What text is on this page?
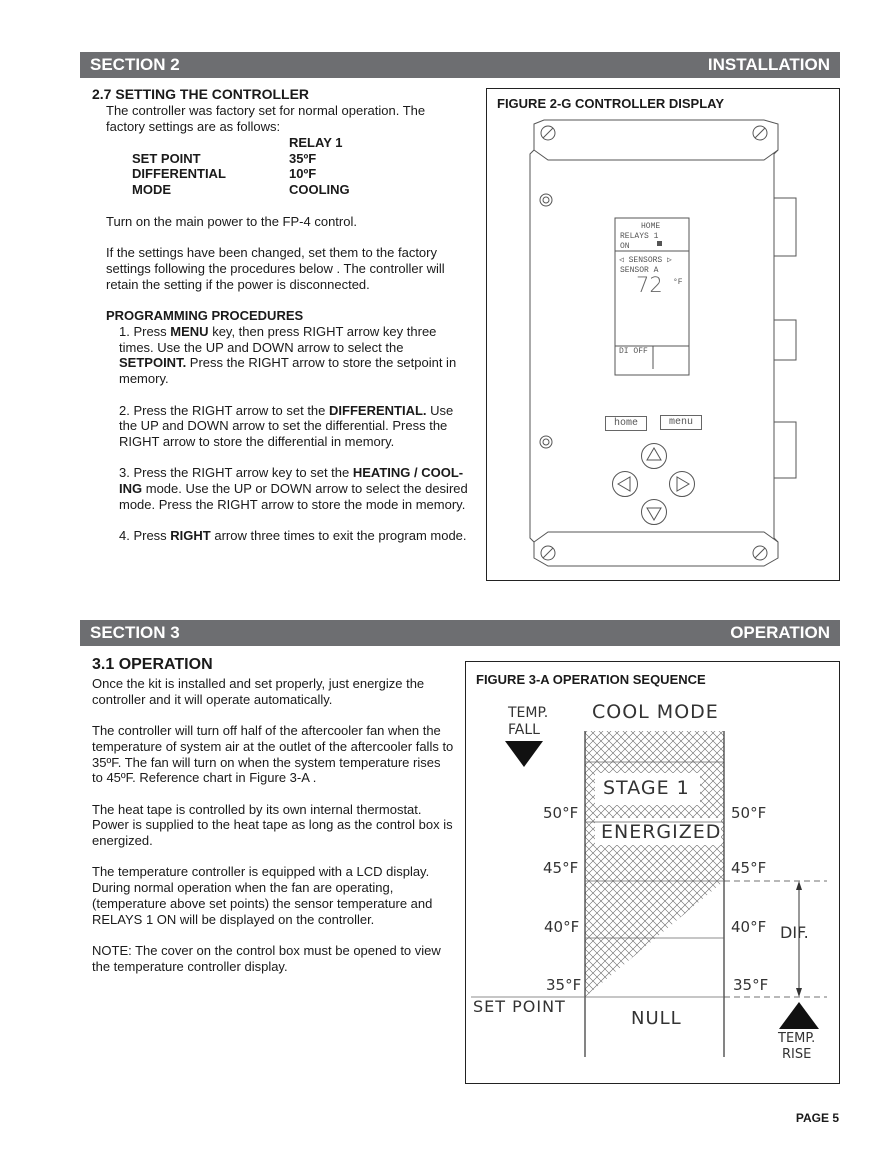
SECTION 2	INSTALLATION
2.7 SETTING THE CONTROLLER
The controller was factory set for normal operation. The factory settings are as follows:
RELAY 1
SET POINT	35ºF
DIFFERENTIAL	10ºF
MODE	COOLING

Turn on the main power to the FP-4 control.

If the settings have been changed, set them to the factory settings following the procedures below . The controller will retain the setting if the power is disconnected.

PROGRAMMING PROCEDURES

1. Press MENU key, then press RIGHT arrow key three times. Use the UP and DOWN arrow to select the SETPOINT. Press the RIGHT arrow to store the setpoint in memory.

2. Press the RIGHT arrow to set the DIFFERENTIAL. Use the UP and DOWN arrow to set the differential. Press the RIGHT arrow to store the differential in memory.

3. Press the RIGHT arrow key to set the HEATING / COOL-ING mode. Use the UP or DOWN arrow to select the desired mode. Press the RIGHT arrow to store the mode in memory.

4. Press RIGHT arrow three times to exit the program mode.

FIGURE 2-G CONTROLLER DISPLAY
HOME
RELAYS 1
ON
◁ SENSORS ▷
SENSOR A
72 °F
DI OFF
home	menu
SECTION 3	OPERATION
3.1 OPERATION

Once the kit is installed and set properly, just energize the controller and it will operate automatically.

The controller will turn off half of the aftercooler fan when the temperature of system air at the outlet of the aftercooler falls to 35ºF. The fan will turn on when the system temperature rises to 45ºF. Reference chart in Figure 3-A .

The heat tape is controlled by its own internal thermostat. Power is supplied to the heat tape as long as the control box is energized.

The temperature controller is equipped with a LCD display. During normal operation when the fan are operating, (temperature above set points) the sensor temperature and RELAYS 1 ON will be displayed on the controller.

NOTE: The cover on the control box must be opened to view the temperature controller display.

FIGURE 3-A OPERATION SEQUENCE
TEMP.
FALL
COOL MODE
STAGE 1
ENERGIZED
50°F	50°F
45°F	45°F
40°F	40°F
35°F	35°F
DIF.
SET POINT
NULL
TEMP.
RISE
PAGE 5
